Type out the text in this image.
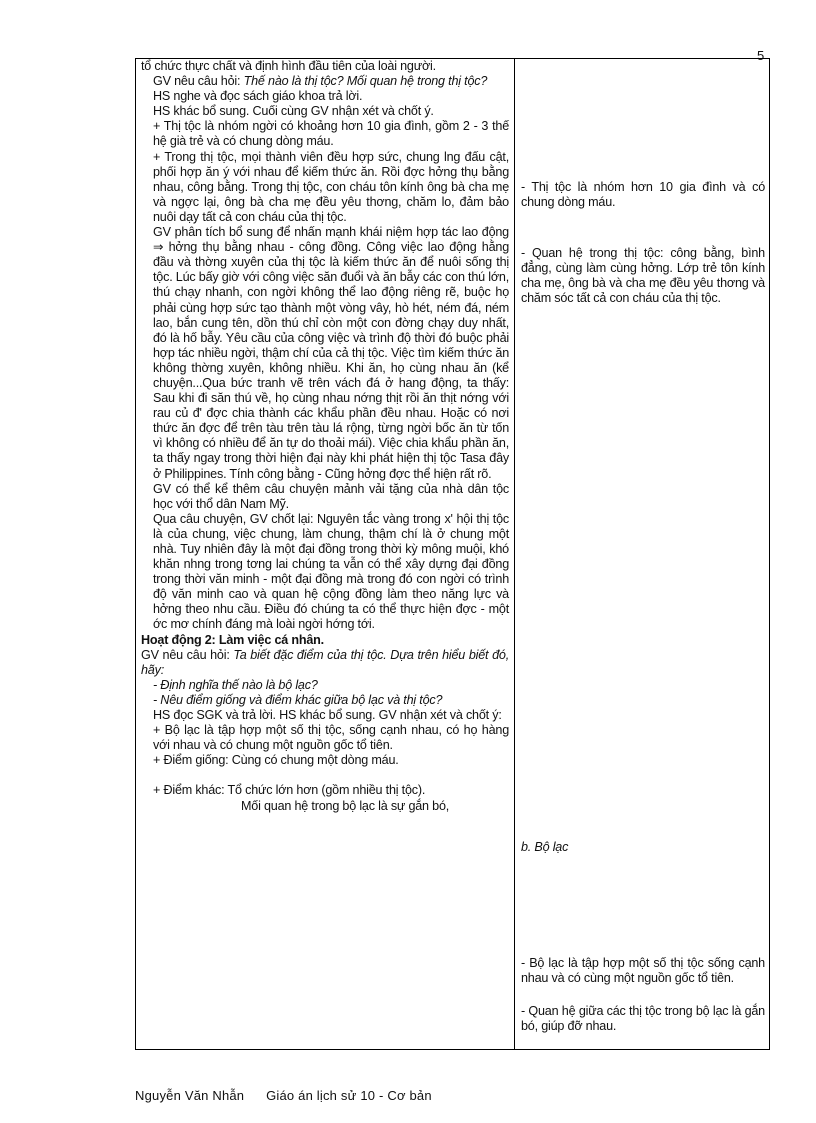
5

tổ chức thực chất và định hình đầu tiên của loài người.

GV nêu câu hỏi: Thế nào là thị tộc? Mối quan hệ trong thị tộc?

HS nghe và đọc sách giáo khoa trả lời.

HS khác bổ sung. Cuối cùng GV nhận xét và chốt ý.

+ Thị tộc là nhóm ngời có khoảng hơn 10 gia đình, gồm 2 - 3 thế hệ già trẻ và có chung dòng máu.

+ Trong thị tộc, mọi thành viên đều hợp sức, chung lng đấu cật, phối hợp ăn ý với nhau để kiếm thức ăn. Rồi đợc hởng thụ bằng nhau, công bằng. Trong thị tộc, con cháu tôn kính ông bà cha mẹ và ngợc lại, ông bà cha mẹ đều yêu thơng, chăm lo, đảm bảo nuôi dạy tất cả con cháu của thị tộc.

GV phân tích bổ sung để nhấn mạnh khái niệm hợp tác lao động ⇒ hởng thụ bằng nhau - công đồng. Công việc lao động hằng đầu và thờng xuyên của thị tộc là kiếm thức ăn để nuôi sống thị tộc. Lúc bấy giờ với công việc săn đuổi và ăn bẫy các con thú lớn, thú chạy nhanh, con ngời không thể lao động riêng rẽ, buộc họ phải cùng hợp sức tạo thành một vòng vây, hò hét, ném đá, ném lao, bắn cung tên, dồn thú chỉ còn một con đờng chạy duy nhất, đó là hố bẫy. Yêu cầu của công việc và trình độ thời đó buộc phải hợp tác nhiều ngời, thậm chí của cả thị tộc. Việc tìm kiếm thức ăn không thờng xuyên, không nhiều. Khi ăn, họ cùng nhau ăn (kể chuyện...Qua bức tranh vẽ trên vách đá ở hang động, ta thấy: Sau khi đi săn thú về, họ cùng nhau nớng thịt rồi ăn thịt nớng với rau củ đ' đợc chia thành các khẩu phần đều nhau. Hoặc có nơi thức ăn đợc để trên tàu trên tàu lá rộng, từng ngời bốc ăn từ tốn vì không có nhiều để ăn tự do thoải mái). Việc chia khẩu phần ăn, ta thấy ngay trong thời hiện đại này khi phát hiện thị tộc Tasa đây ở Philippines. Tính công bằng - Cũng hởng đợc thể hiện rất rõ.

GV có thể kể thêm câu chuyện mảnh vải tặng của nhà dân tộc học với thổ dân Nam Mỹ.

Qua câu chuyện, GV chốt lại: Nguyên tắc vàng trong x' hội thị tộc là của chung, việc chung, làm chung, thậm chí là ở chung một nhà. Tuy nhiên đây là một đại đồng trong thời kỳ mông muội, khó khăn nhng trong tơng lai chúng ta vẫn có thể xây dựng đại đồng trong thời văn minh - một đại đồng mà trong đó con ngời có trình độ văn minh cao và quan hệ cộng đồng làm theo năng lực và hởng theo nhu cầu. Điều đó chúng ta có thể thực hiện đợc - một ớc mơ chính đáng mà loài ngời hớng tới.

Hoạt động 2: Làm việc cá nhân.

GV nêu câu hỏi: Ta biết đặc điểm của thị tộc. Dựa trên hiểu biết đó, hãy:

- Định nghĩa thế nào là bộ lạc?

- Nêu điểm giống và điểm khác giữa bộ lạc và thị tộc?

HS đọc SGK và trả lời. HS khác bổ sung. GV nhận xét và chốt ý:

+ Bộ lạc là tập hợp một số thị tộc, sống cạnh nhau, có họ hàng với nhau và có chung một nguồn gốc tổ tiên.

+ Điểm giống: Cùng có chung một dòng máu.

+ Điểm khác: Tổ chức lớn hơn (gồm nhiều thị tộc).

Mối quan hệ trong bộ lạc là sự gắn bó,

- Thị tộc là nhóm hơn 10 gia đình và có chung dòng máu.

- Quan hệ trong thị tộc: công bằng, bình đẳng, cùng làm cùng hởng. Lớp trẻ tôn kính cha mẹ, ông bà và cha mẹ đều yêu thơng và chăm sóc tất cả con cháu của thị tộc.

b. Bộ lạc

- Bộ lạc là tập hợp một số thị tộc sống cạnh nhau và có cùng một nguồn gốc tổ tiên.

- Quan hệ giữa các thị tộc trong bộ lạc là gắn bó, giúp đỡ nhau.

Nguyễn Văn Nhẫn Giáo án lịch sử 10 - Cơ bản
